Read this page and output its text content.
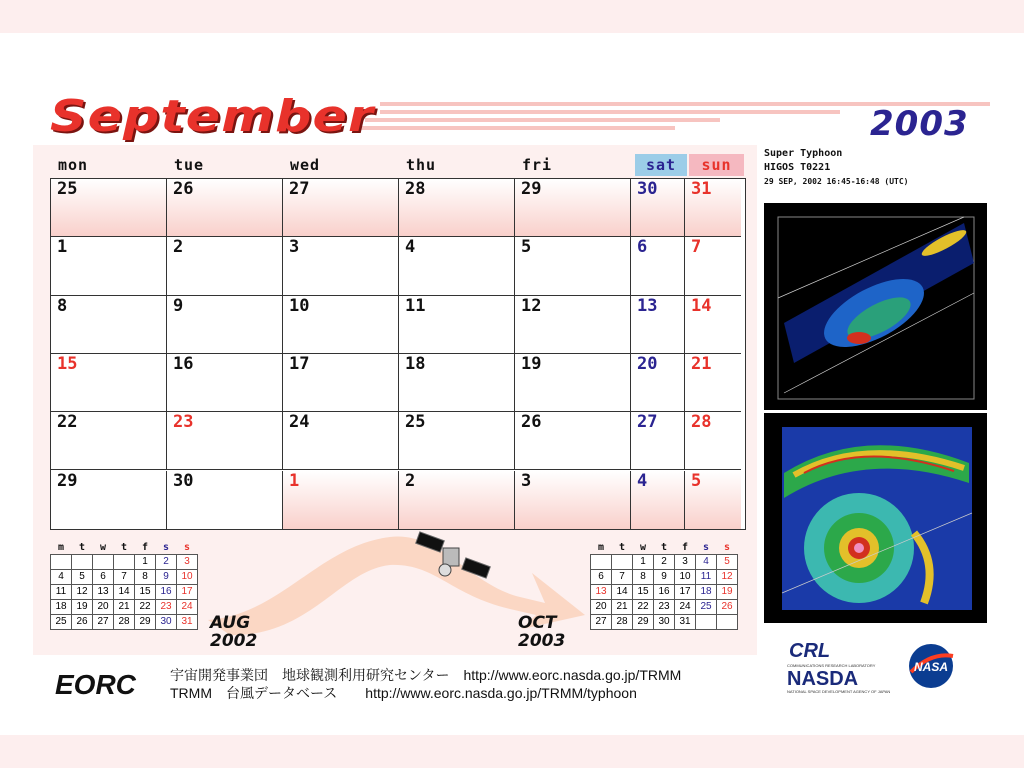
September	2003
mon	tue	wed	thu	fri	sat	sun
25	26	27	28	29	30 31
1	2	3	4	5	6	7
8	9	10	11	12	13 14
15	16	17	18	19	20 21
22	23	24	25	26	27 28
29	30	1	2	3	4	5
m	t	w	t	f	s	s
				1	2	3
4	5	6	7	8	9	10
11	12	13	14	15	16	17
18	19	20	21	22	23	24
25	26	27	28	29	30	31
m	t	w	t	f	s	s
		1	2	3	4	5
6	7	8	9	10	11	12
13	14	15	16	17	18	19
20	21	22	23	24	25	26
27	28	29	30	31		
AUG
2002
OCT
2003
Super Typhoon
HIGOS T0221
29 SEP, 2002 16:45-16:48 (UTC)
EORC 宇宙開発事業団　地球観測利用研究センター　http://www.eorc.nasda.go.jp/TRMM
TRMM　台風データベース　　http://www.eorc.nasda.go.jp/TRMM/typhoon
CRL
COMMUNICATIONS RESEARCH LABORATORY
NASDA
NATIONAL SPACE DEVELOPMENT AGENCY OF JAPAN
NASA
